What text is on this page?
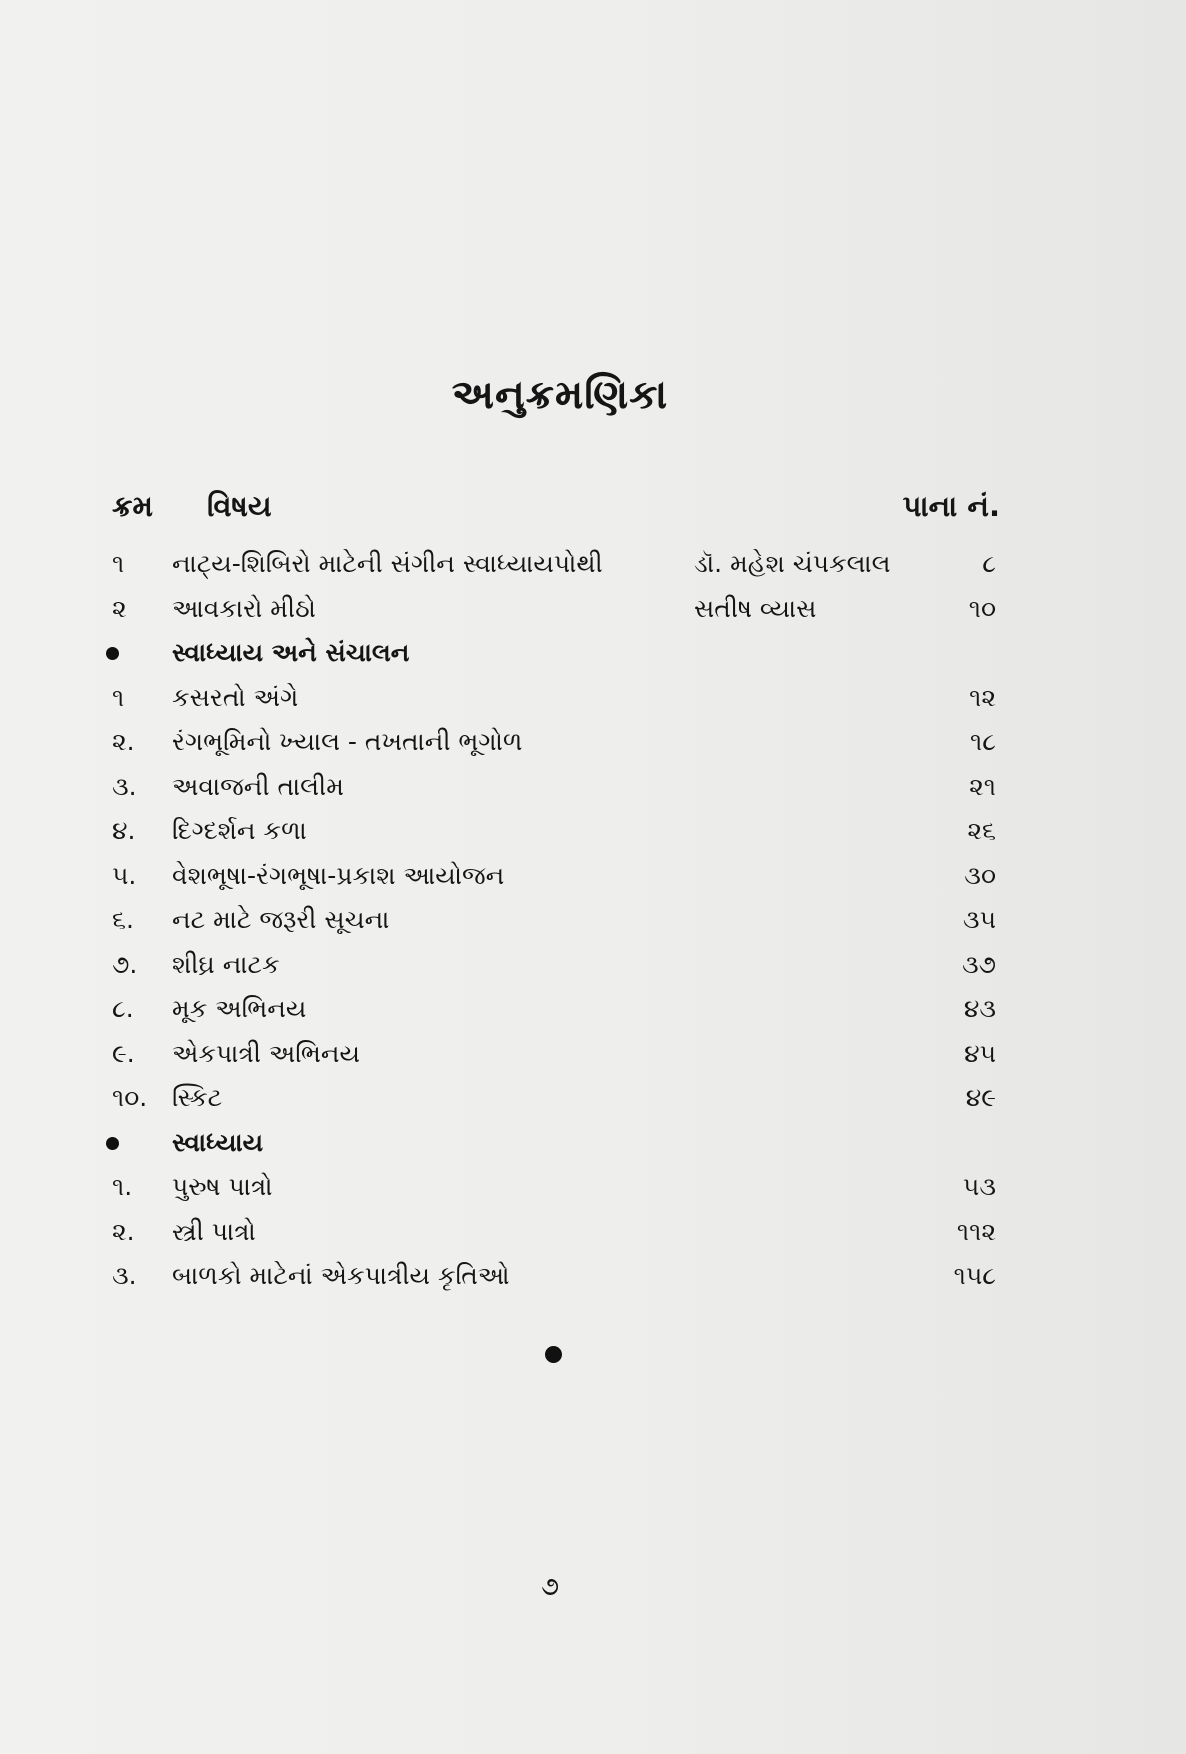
અનુક્રમણિકા
ક્રમ વિષય	પાના નં.
૧ નાટ્ય-શિબિરો માટેની સંગીન સ્વાધ્યાયપોથી	ડૉ. મહેશ ચંપકલાલ	૮
૨ આવકારો મીઠો	સતીષ વ્યાસ	૧૦
સ્વાધ્યાય અને સંચાલન
૧ કસરતો અંગે	૧૨
૨. રંગભૂમિનો ખ્યાલ - તખતાની ભૂગોળ	૧૮
૩. અવાજની તાલીમ	૨૧
૪. દિગ્દર્શન કળા	૨૬
૫. વેશભૂષા-રંગભૂષા-પ્રકાશ આયોજન	૩૦
૬. નટ માટે જરૂરી સૂચના	૩૫
૭. શીઘ્ર નાટક	૩૭
૮. મૂક અભિનય	૪૩
૯. એકપાત્રી અભિનય	૪૫
૧૦. સ્કિટ	૪૯
સ્વાધ્યાય
૧. પુરુષ પાત્રો	૫૩
૨. સ્ત્રી પાત્રો	૧૧૨
૩. બાળકો માટેનાં એકપાત્રીય કૃતિઓ	૧૫૮
૭
